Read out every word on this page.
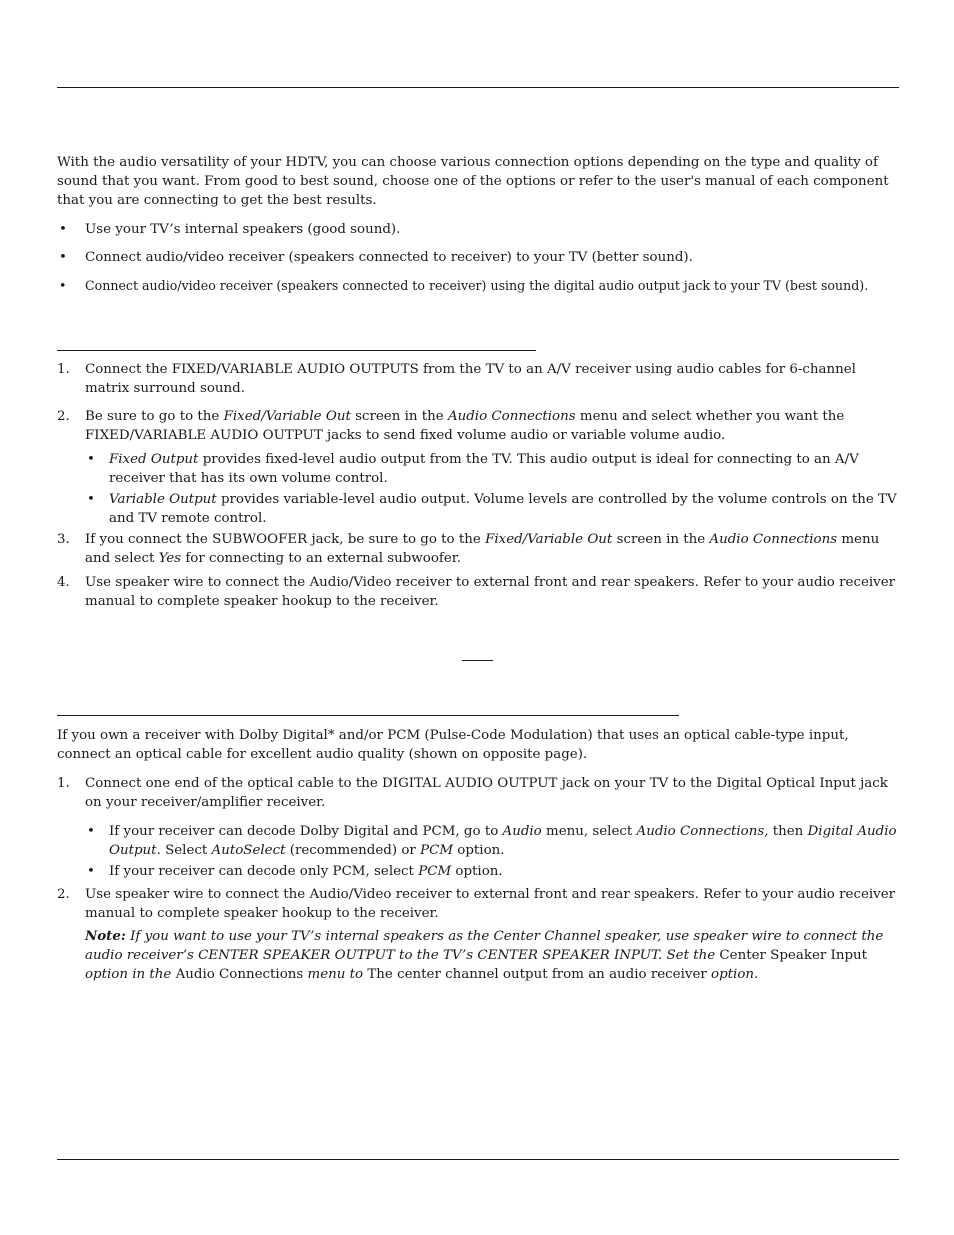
With the audio versatility of your HDTV, you can choose various connection options depending on the type and quality of sound that you want. From good to best sound, choose one of the options or refer to the user's manual of each component that you are connecting to get the best results.

• Use your TV’s internal speakers (good sound).
• Connect audio/video receiver (speakers connected to receiver) to your TV (better sound).
• Connect audio/video receiver (speakers connected to receiver) using the digital audio output jack to your TV (best sound).
1. Connect the FIXED/VARIABLE AUDIO OUTPUTS from the TV to an A/V receiver using audio cables for 6-channel matrix surround sound.
2. Be sure to go to the Fixed/Variable Out screen in the Audio Connections menu and select whether you want the FIXED/VARIABLE AUDIO OUTPUT jacks to send fixed volume audio or variable volume audio.
• Fixed Output provides fixed-level audio output from the TV. This audio output is ideal for connecting to an A/V receiver that has its own volume control.
• Variable Output provides variable-level audio output. Volume levels are controlled by the volume controls on the TV and TV remote control.
3. If you connect the SUBWOOFER jack, be sure to go to the Fixed/Variable Out screen in the Audio Connections menu and select Yes for connecting to an external subwoofer.
4. Use speaker wire to connect the Audio/Video receiver to external front and rear speakers. Refer to your audio receiver manual to complete speaker hookup to the receiver.

If you own a receiver with Dolby Digital* and/or PCM (Pulse-Code Modulation) that uses an optical cable-type input, connect an optical cable for excellent audio quality (shown on opposite page).

1. Connect one end of the optical cable to the DIGITAL AUDIO OUTPUT jack on your TV to the Digital Optical Input jack on your receiver/amplifier receiver.
• If your receiver can decode Dolby Digital and PCM, go to Audio menu, select Audio Connections, then Digital Audio Output. Select AutoSelect (recommended) or PCM option.
• If your receiver can decode only PCM, select PCM option.
2. Use speaker wire to connect the Audio/Video receiver to external front and rear speakers. Refer to your audio receiver manual to complete speaker hookup to the receiver.

Note: If you want to use your TV’s internal speakers as the Center Channel speaker, use speaker wire to connect the audio receiver’s CENTER SPEAKER OUTPUT to the TV’s CENTER SPEAKER INPUT. Set the Center Speaker Input option in the Audio Connections menu to The center channel output from an audio receiver option.
